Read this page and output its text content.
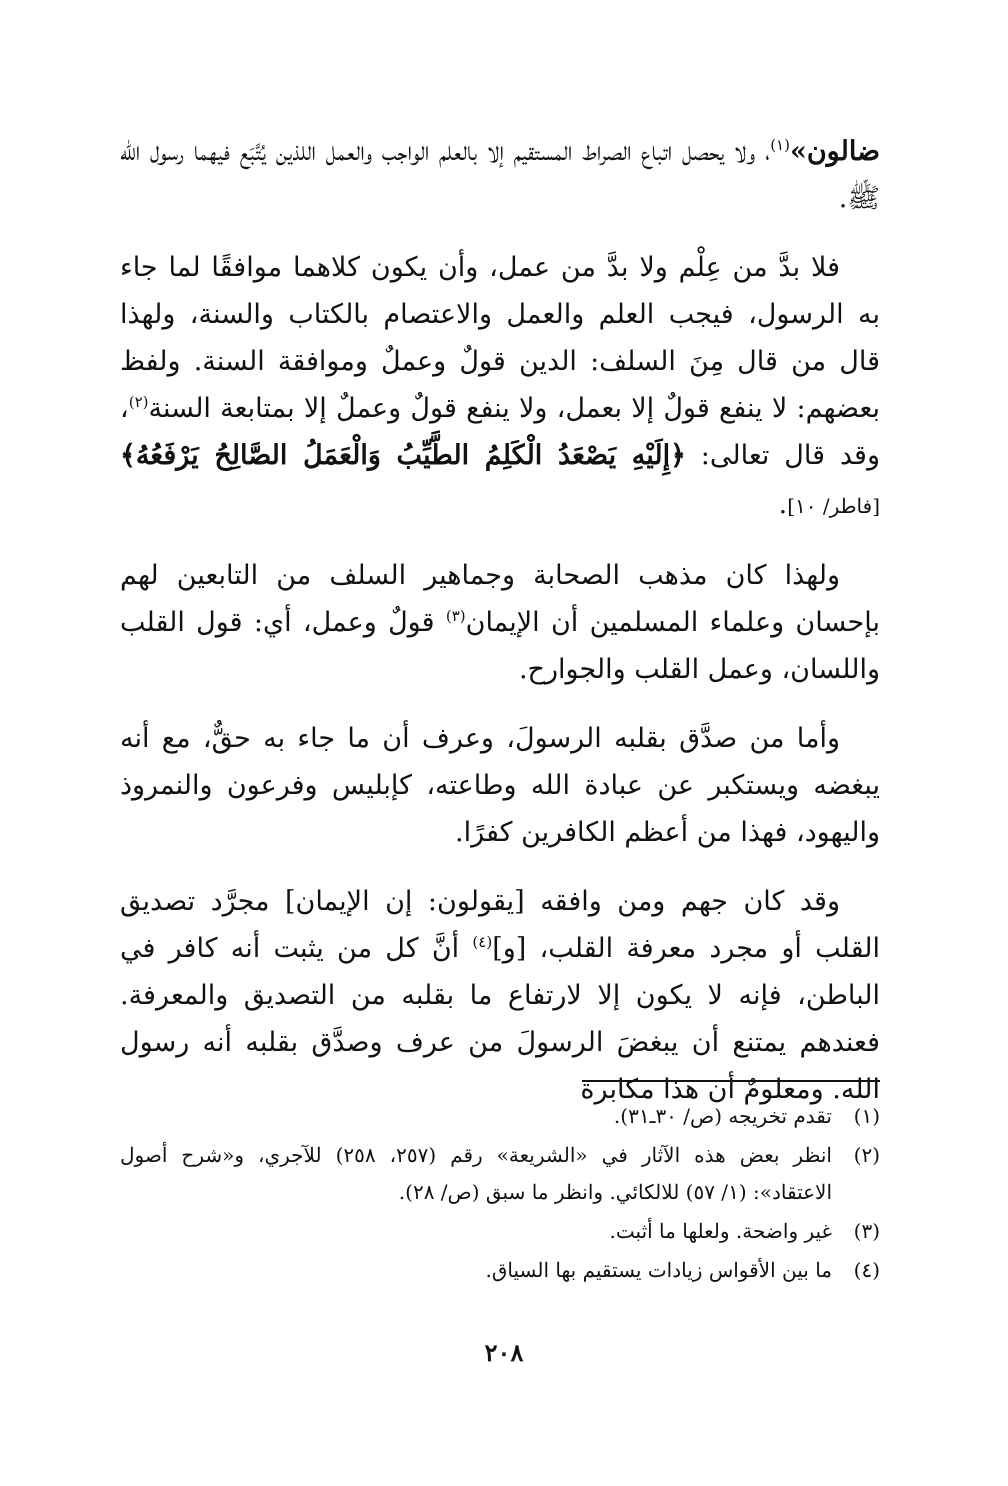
ضالون»$^{(١)}$، ولا يحصل اتباع الصراط المستقيم إلا بالعلم الواجب والعمل اللذين يُتَّبَع فيهما رسول الله ﷺ.

فلا بدَّ من عِلْم ولا بدَّ من عمل، وأن يكون كلاهما موافقًا لما جاء به الرسول، فيجب العلم والعمل والاعتصام بالكتاب والسنة، ولهذا قال من قال مِنَ السلف: الدين قولٌ وعملٌ وموافقة السنة. ولفظ بعضهم: لا ينفع قولٌ إلا بعمل، ولا ينفع قولٌ وعملٌ إلا بمتابعة السنة$^{(٢)}$، وقد قال تعالى: ﴿إِلَيْهِ يَصْعَدُ الْكَلِمُ الطَّيِّبُ وَالْعَمَلُ الصَّالِحُ يَرْفَعُهُ﴾ [فاطر/ ١٠].

ولهذا كان مذهب الصحابة وجماهير السلف من التابعين لهم بإحسان وعلماء المسلمين أن الإيمان$^{(٣)}$ قولٌ وعمل، أي: قول القلب واللسان، وعمل القلب والجوارح.

وأما من صدَّق بقلبه الرسولَ، وعرف أن ما جاء به حقٌّ، مع أنه يبغضه ويستكبر عن عبادة الله وطاعته، كإبليس وفرعون والنمروذ واليهود، فهذا من أعظم الكافرين كفرًا.

وقد كان جهم ومن وافقه [يقولون: إن الإيمان] مجرَّد تصديق القلب أو مجرد معرفة القلب، [و]$^{(٤)}$ أنَّ كل من يثبت أنه كافر في الباطن، فإنه لا يكون إلا لارتفاع ما بقلبه من التصديق والمعرفة. فعندهم يمتنع أن يبغضَ الرسولَ من عرف وصدَّق بقلبه أنه رسول الله. ومعلومٌ أن هذا مكابرة

(١)
تقدم تخريجه (ص/ ٣٠ـ٣١).
(٢)
انظر بعض هذه الآثار في «الشريعة» رقم (٢٥٧، ٢٥٨) للآجري، و«شرح أصول الاعتقاد»: (١/ ٥٧) للالكائي. وانظر ما سبق (ص/ ٢٨).
(٣)
غير واضحة. ولعلها ما أثبت.
(٤)
ما بين الأقواس زيادات يستقيم بها السياق.
٢٠٨
